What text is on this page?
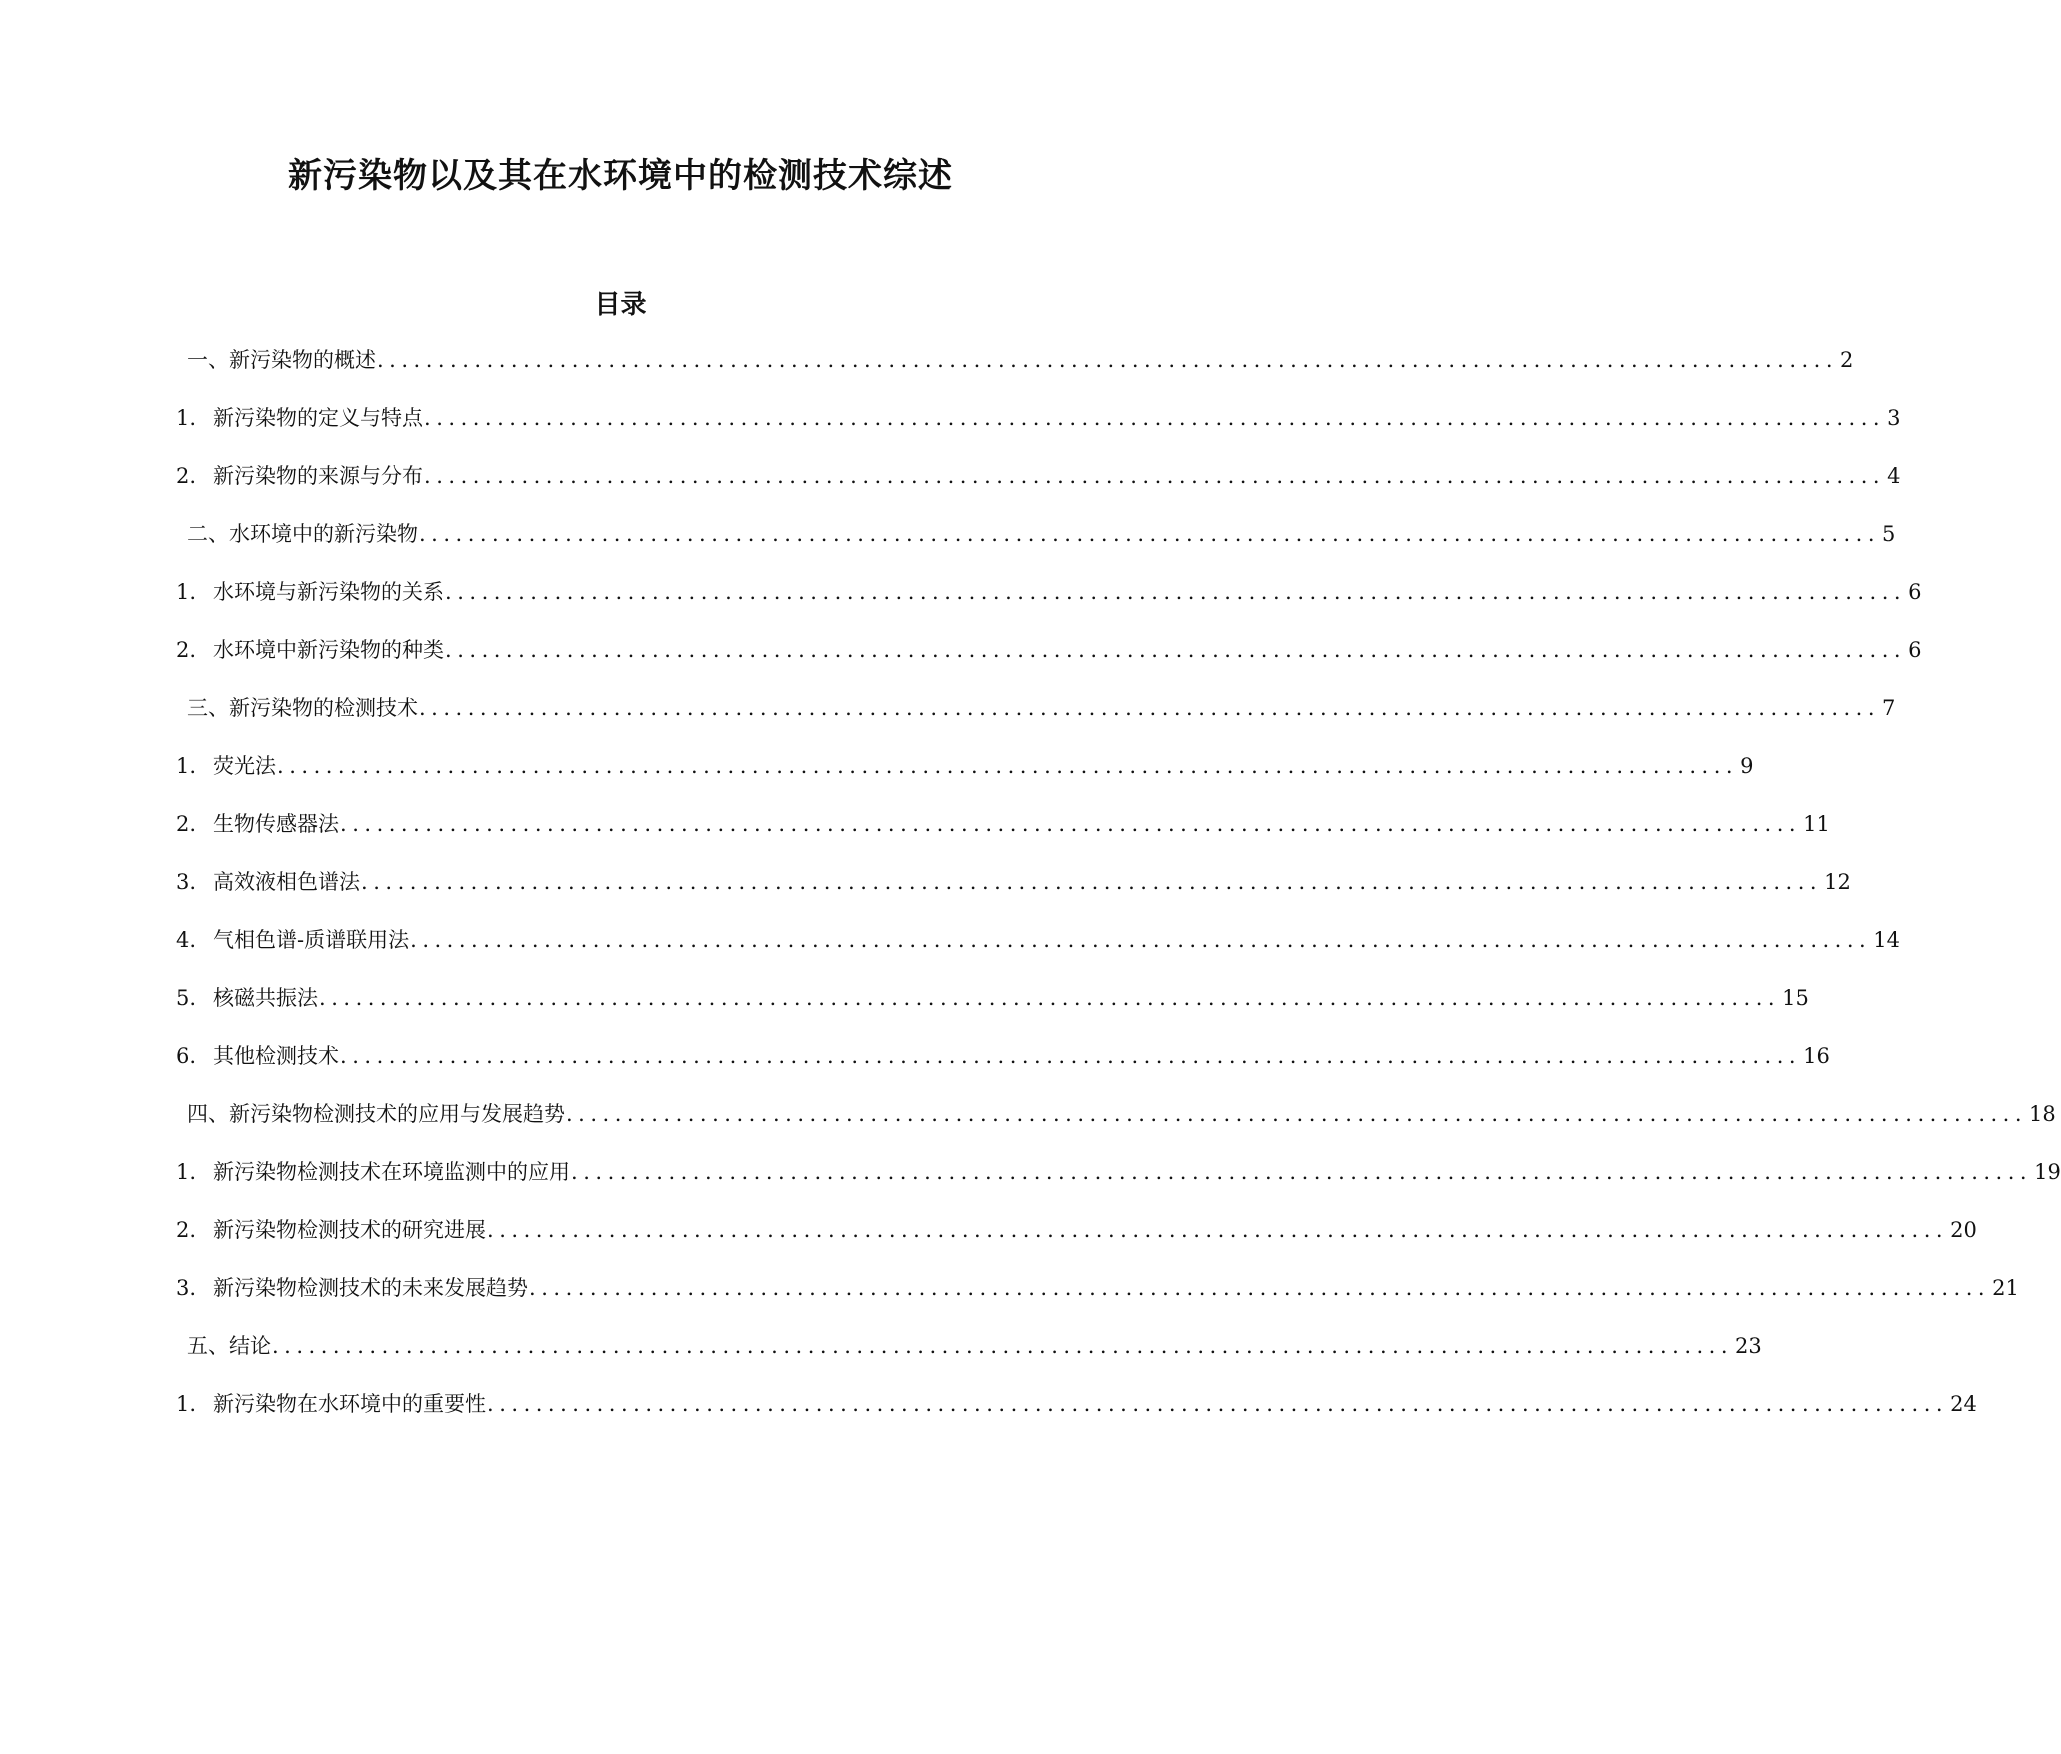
新污染物以及其在水环境中的检测技术综述
目录
一、新污染物的概述 ........................................................................................................................ 2
1. 新污染物的定义与特点 ........................................................................................................................ 3
2. 新污染物的来源与分布 ........................................................................................................................ 4
二、水环境中的新污染物 ........................................................................................................................ 5
1. 水环境与新污染物的关系 ........................................................................................................................ 6
2. 水环境中新污染物的种类 ........................................................................................................................ 6
三、新污染物的检测技术 ........................................................................................................................ 7
1. 荧光法 ........................................................................................................................ 9
2. 生物传感器法 ........................................................................................................................ 11
3. 高效液相色谱法 ........................................................................................................................ 12
4. 气相色谱-质谱联用法 ........................................................................................................................ 14
5. 核磁共振法 ........................................................................................................................ 15
6. 其他检测技术 ........................................................................................................................ 16
四、新污染物检测技术的应用与发展趋势 ........................................................................................................................ 18
1. 新污染物检测技术在环境监测中的应用 ........................................................................................................................ 19
2. 新污染物检测技术的研究进展 ........................................................................................................................ 20
3. 新污染物检测技术的未来发展趋势 ........................................................................................................................ 21
五、结论 ........................................................................................................................ 23
1. 新污染物在水环境中的重要性 ........................................................................................................................ 24
